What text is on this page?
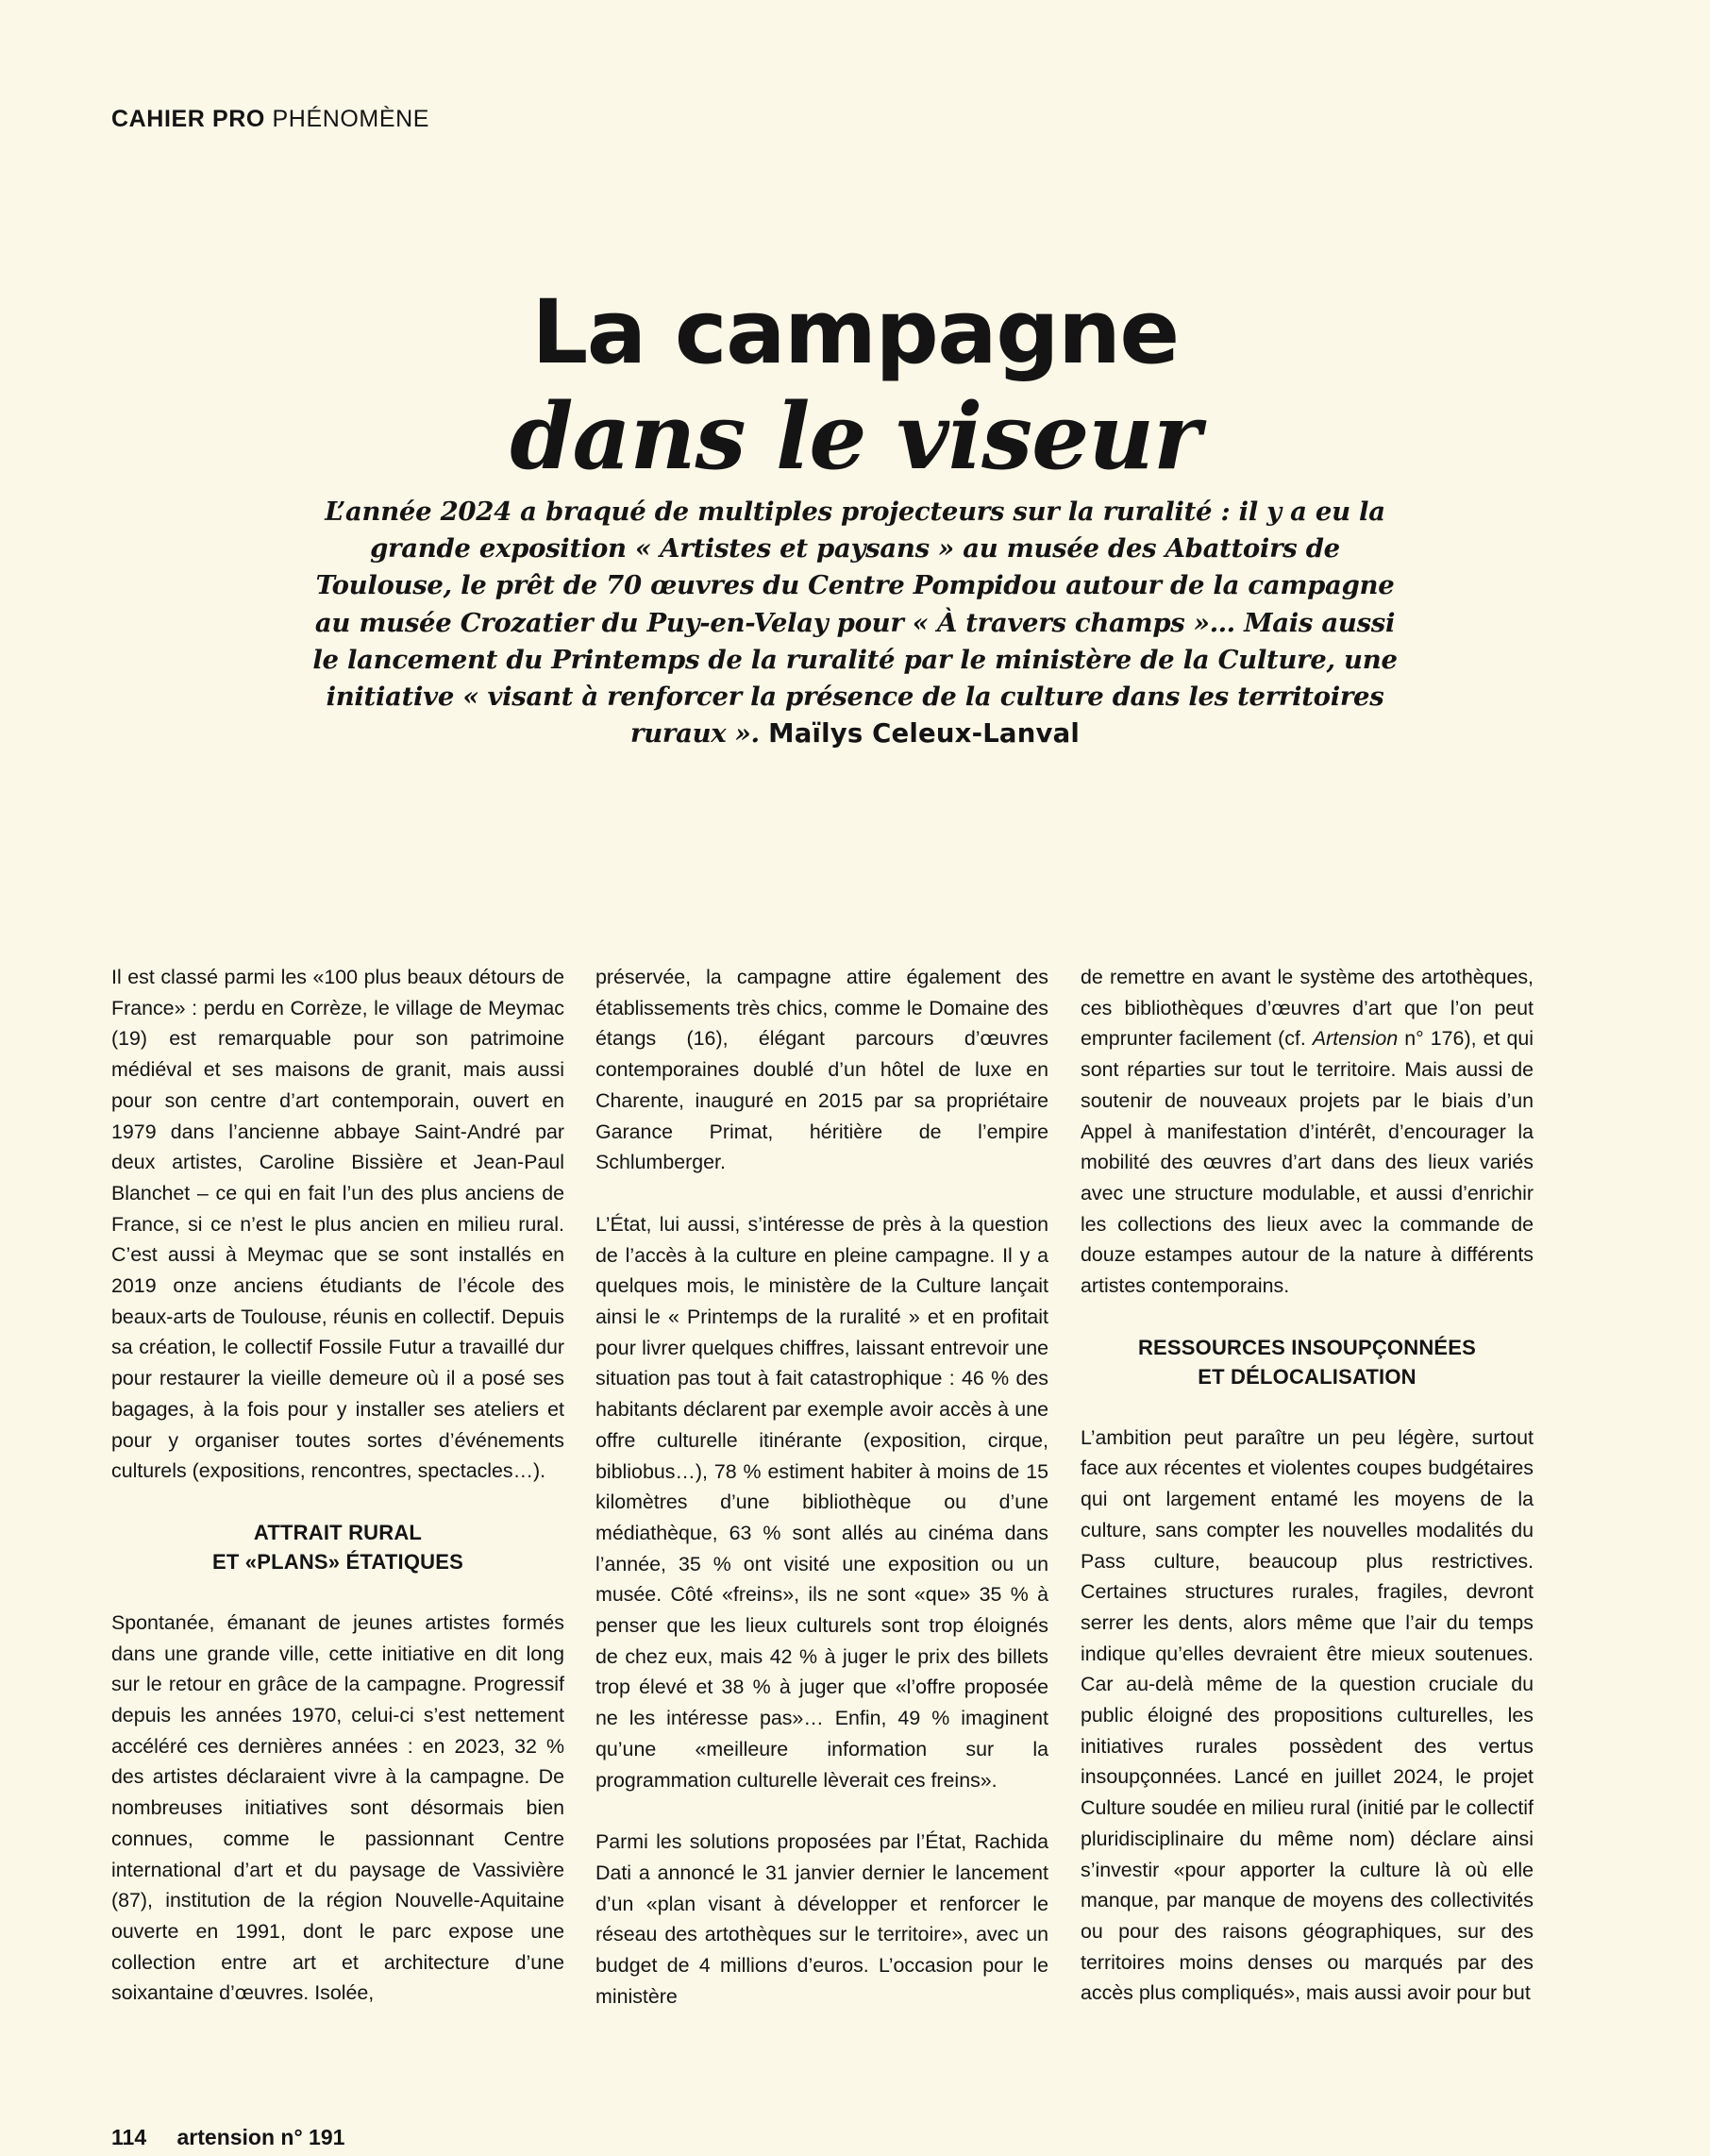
CAHIER PRO PHÉNOMÈNE
La campagne
dans le viseur

L’année 2024 a braqué de multiples projecteurs sur la ruralité : il y a eu la grande exposition « Artistes et paysans » au musée des Abattoirs de Toulouse, le prêt de 70 œuvres du Centre Pompidou autour de la campagne au musée Crozatier du Puy-en-Velay pour « À travers champs »… Mais aussi le lancement du Printemps de la ruralité par le ministère de la Culture, une initiative « visant à renforcer la présence de la culture dans les territoires ruraux ». Maïlys Celeux-Lanval

Il est classé parmi les «100 plus beaux détours de France» : perdu en Corrèze, le village de Meymac (19) est remarquable pour son patrimoine médiéval et ses maisons de granit, mais aussi pour son centre d’art contemporain, ouvert en 1979 dans l’ancienne abbaye Saint-André par deux artistes, Caroline Bissière et Jean-Paul Blanchet – ce qui en fait l’un des plus anciens de France, si ce n’est le plus ancien en milieu rural. C’est aussi à Meymac que se sont installés en 2019 onze anciens étudiants de l’école des beaux-arts de Toulouse, réunis en collectif. Depuis sa création, le collectif Fossile Futur a travaillé dur pour restaurer la vieille demeure où il a posé ses bagages, à la fois pour y installer ses ateliers et pour y organiser toutes sortes d’événements culturels (expositions, rencontres, spectacles…).

ATTRAIT RURAL
ET «PLANS» ÉTATIQUES

Spontanée, émanant de jeunes artistes formés dans une grande ville, cette initiative en dit long sur le retour en grâce de la campagne. Progressif depuis les années 1970, celui-ci s’est nettement accéléré ces dernières années : en 2023, 32 % des artistes déclaraient vivre à la campagne. De nombreuses initiatives sont désormais bien connues, comme le passionnant Centre international d’art et du paysage de Vassivière (87), institution de la région Nouvelle-Aquitaine ouverte en 1991, dont le parc expose une collection entre art et architecture d’une soixantaine d’œuvres. Isolée,

préservée, la campagne attire également des établissements très chics, comme le Domaine des étangs (16), élégant parcours d’œuvres contemporaines doublé d’un hôtel de luxe en Charente, inauguré en 2015 par sa propriétaire Garance Primat, héritière de l’empire Schlumberger.

L’État, lui aussi, s’intéresse de près à la question de l’accès à la culture en pleine campagne. Il y a quelques mois, le ministère de la Culture lançait ainsi le « Printemps de la ruralité » et en profitait pour livrer quelques chiffres, laissant entrevoir une situation pas tout à fait catastrophique : 46 % des habitants déclarent par exemple avoir accès à une offre culturelle itinérante (exposition, cirque, bibliobus…), 78 % estiment habiter à moins de 15 kilomètres d’une bibliothèque ou d’une médiathèque, 63 % sont allés au cinéma dans l’année, 35 % ont visité une exposition ou un musée. Côté «freins», ils ne sont «que» 35 % à penser que les lieux culturels sont trop éloignés de chez eux, mais 42 % à juger le prix des billets trop élevé et 38 % à juger que «l’offre proposée ne les intéresse pas»… Enfin, 49 % imaginent qu’une «meilleure information sur la programmation culturelle lèverait ces freins».

Parmi les solutions proposées par l’État, Rachida Dati a annoncé le 31 janvier dernier le lancement d’un «plan visant à développer et renforcer le réseau des artothèques sur le territoire», avec un budget de 4 millions d’euros. L’occasion pour le ministère

de remettre en avant le système des artothèques, ces bibliothèques d’œuvres d’art que l’on peut emprunter facilement (cf. Artension n° 176), et qui sont réparties sur tout le territoire. Mais aussi de soutenir de nouveaux projets par le biais d’un Appel à manifestation d’intérêt, d’encourager la mobilité des œuvres d’art dans des lieux variés avec une structure modulable, et aussi d’enrichir les collections des lieux avec la commande de douze estampes autour de la nature à différents artistes contemporains.

RESSOURCES INSOUPÇONNÉES
ET DÉLOCALISATION

L’ambition peut paraître un peu légère, surtout face aux récentes et violentes coupes budgétaires qui ont largement entamé les moyens de la culture, sans compter les nouvelles modalités du Pass culture, beaucoup plus restrictives. Certaines structures rurales, fragiles, devront serrer les dents, alors même que l’air du temps indique qu’elles devraient être mieux soutenues. Car au-delà même de la question cruciale du public éloigné des propositions culturelles, les initiatives rurales possèdent des vertus insoupçonnées. Lancé en juillet 2024, le projet Culture soudée en milieu rural (initié par le collectif pluridisciplinaire du même nom) déclare ainsi s’investir «pour apporter la culture là où elle manque, par manque de moyens des collectivités ou pour des raisons géographiques, sur des territoires moins denses ou marqués par des accès plus compliqués», mais aussi avoir pour but

114 artension n° 191
